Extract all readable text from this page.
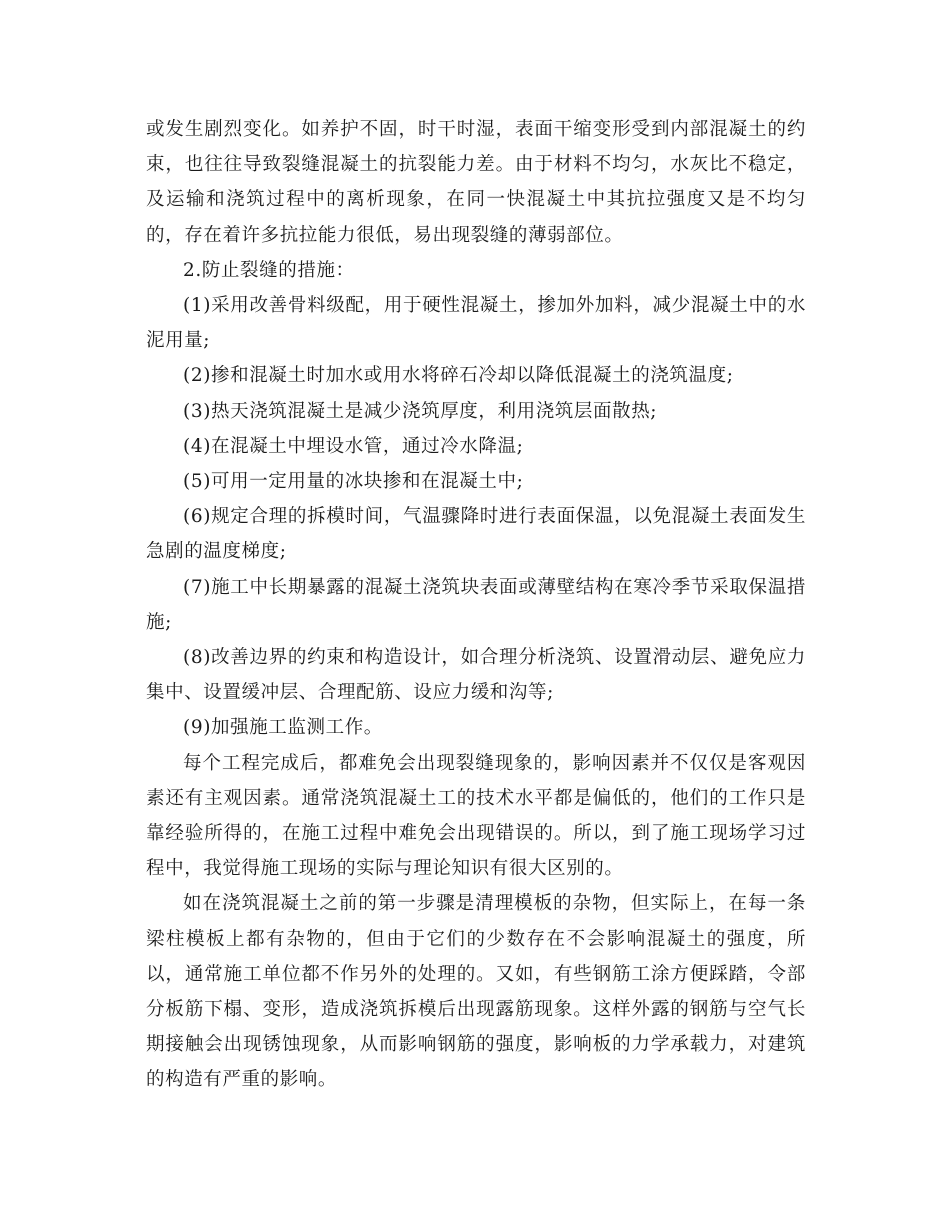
或发生剧烈变化。如养护不固，时干时湿，表面干缩变形受到内部混凝土的约束，也往往导致裂缝混凝土的抗裂能力差。由于材料不均匀，水灰比不稳定，及运输和浇筑过程中的离析现象，在同一快混凝土中其抗拉强度又是不均匀的，存在着许多抗拉能力很低，易出现裂缝的薄弱部位。

2.防止裂缝的措施：

(1)采用改善骨料级配，用于硬性混凝土，掺加外加料，减少混凝土中的水泥用量;

(2)掺和混凝土时加水或用水将碎石冷却以降低混凝土的浇筑温度;

(3)热天浇筑混凝土是减少浇筑厚度，利用浇筑层面散热;

(4)在混凝土中埋设水管，通过冷水降温;

(5)可用一定用量的冰块掺和在混凝土中;

(6)规定合理的拆模时间，气温骤降时进行表面保温，以免混凝土表面发生急剧的温度梯度;

(7)施工中长期暴露的混凝土浇筑块表面或薄壁结构在寒冷季节采取保温措施;

(8)改善边界的约束和构造设计，如合理分析浇筑、设置滑动层、避免应力集中、设置缓冲层、合理配筋、设应力缓和沟等;

(9)加强施工监测工作。

每个工程完成后，都难免会出现裂缝现象的，影响因素并不仅仅是客观因素还有主观因素。通常浇筑混凝土工的技术水平都是偏低的，他们的工作只是靠经验所得的，在施工过程中难免会出现错误的。所以，到了施工现场学习过程中，我觉得施工现场的实际与理论知识有很大区别的。

如在浇筑混凝土之前的第一步骤是清理模板的杂物，但实际上，在每一条梁柱模板上都有杂物的，但由于它们的少数存在不会影响混凝土的强度，所以，通常施工单位都不作另外的处理的。又如，有些钢筋工涂方便踩踏，令部分板筋下榻、变形，造成浇筑拆模后出现露筋现象。这样外露的钢筋与空气长期接触会出现锈蚀现象，从而影响钢筋的强度，影响板的力学承载力，对建筑的构造有严重的影响。
